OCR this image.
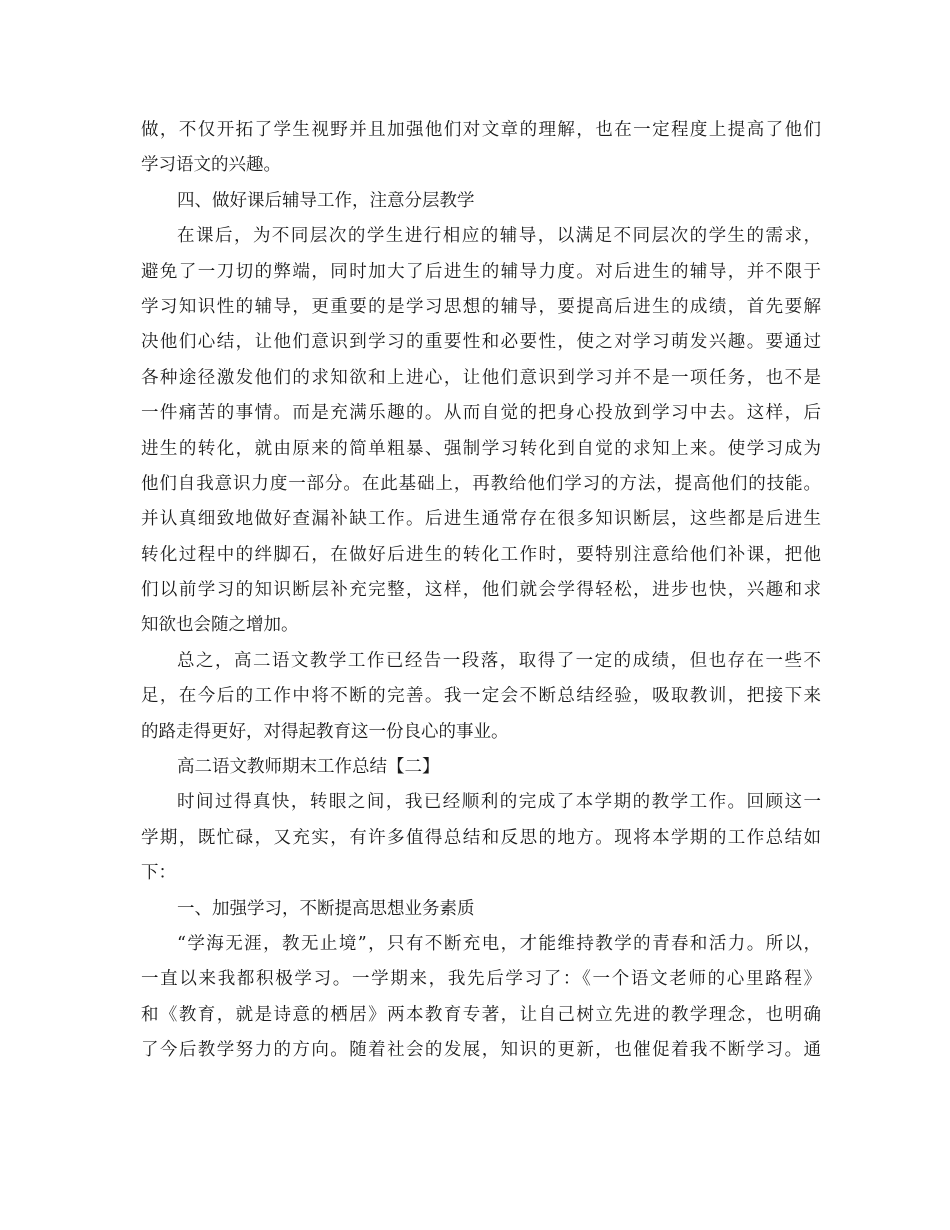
做，不仅开拓了学生视野并且加强他们对文章的理解，也在一定程度上提高了他们
学习语文的兴趣。
四、做好课后辅导工作，注意分层教学
在课后，为不同层次的学生进行相应的辅导，以满足不同层次的学生的需求，
避免了一刀切的弊端，同时加大了后进生的辅导力度。对后进生的辅导，并不限于
学习知识性的辅导，更重要的是学习思想的辅导，要提高后进生的成绩，首先要解
决他们心结，让他们意识到学习的重要性和必要性，使之对学习萌发兴趣。要通过
各种途径激发他们的求知欲和上进心，让他们意识到学习并不是一项任务，也不是
一件痛苦的事情。而是充满乐趣的。从而自觉的把身心投放到学习中去。这样，后
进生的转化，就由原来的简单粗暴、强制学习转化到自觉的求知上来。使学习成为
他们自我意识力度一部分。在此基础上，再教给他们学习的方法，提高他们的技能。
并认真细致地做好查漏补缺工作。后进生通常存在很多知识断层，这些都是后进生
转化过程中的绊脚石，在做好后进生的转化工作时，要特别注意给他们补课，把他
们以前学习的知识断层补充完整，这样，他们就会学得轻松，进步也快，兴趣和求
知欲也会随之增加。
总之，高二语文教学工作已经告一段落，取得了一定的成绩，但也存在一些不
足，在今后的工作中将不断的完善。我一定会不断总结经验，吸取教训，把接下来
的路走得更好，对得起教育这一份良心的事业。
高二语文教师期末工作总结【二】
时间过得真快，转眼之间，我已经顺利的完成了本学期的教学工作。回顾这一
学期，既忙碌，又充实，有许多值得总结和反思的地方。现将本学期的工作总结如
下：
一、加强学习，不断提高思想业务素质
“学海无涯，教无止境”，只有不断充电，才能维持教学的青春和活力。所以，
一直以来我都积极学习。一学期来，我先后学习了：《一个语文老师的心里路程》
和《教育，就是诗意的栖居》两本教育专著，让自己树立先进的教学理念，也明确
了今后教学努力的方向。随着社会的发展，知识的更新，也催促着我不断学习。通
